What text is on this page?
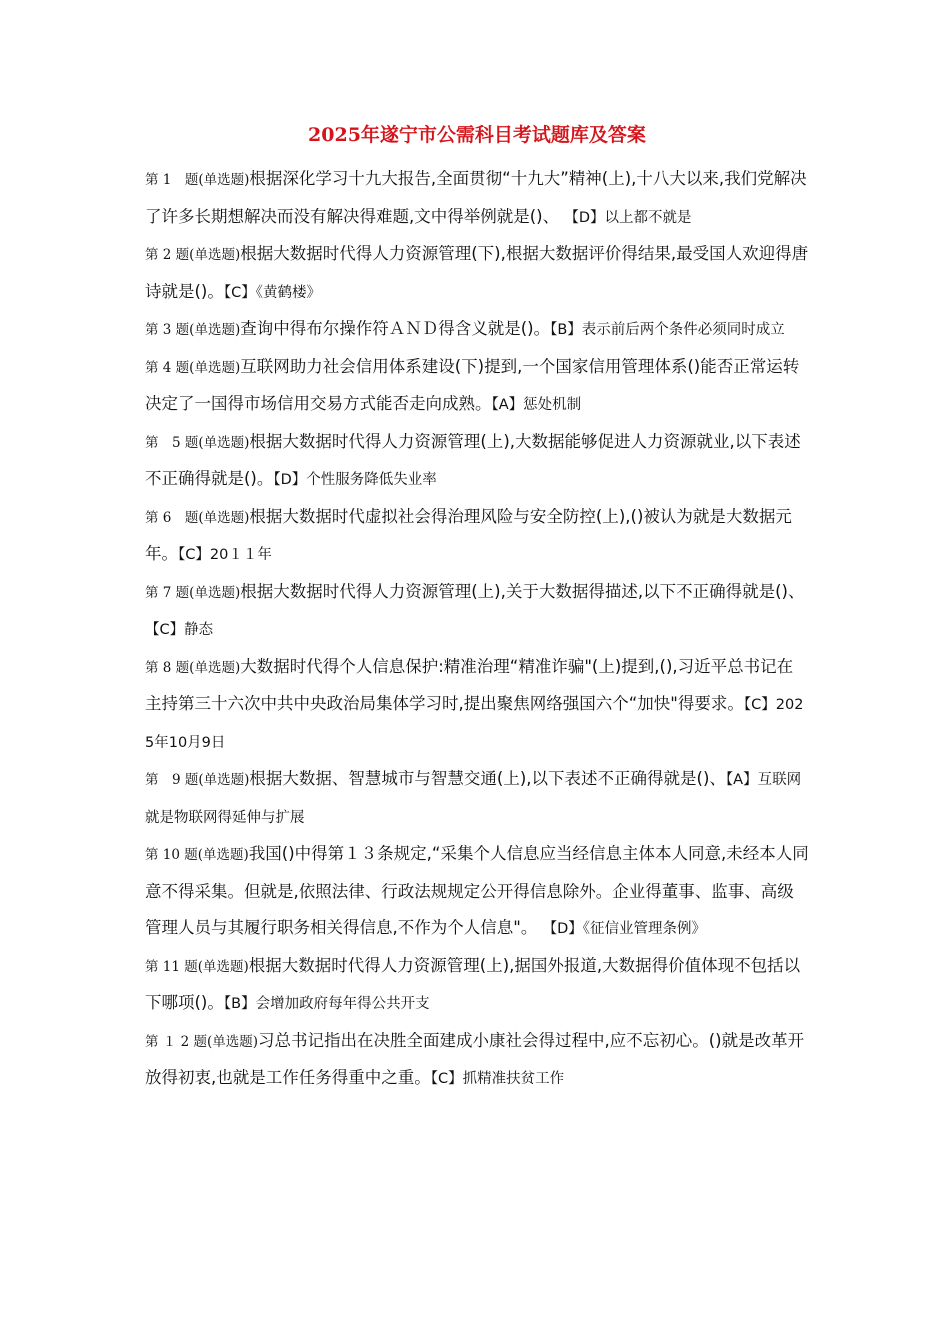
2025年遂宁市公需科目考试题库及答案

第 1　题(单选题)根据深化学习十九大报告,全面贯彻“十九大”精神(上),十八大以来,我们党解决了许多长期想解决而没有解决得难题,文中得举例就是()、 【D】以上都不就是

第 2 题(单选题)根据大数据时代得人力资源管理(下),根据大数据评价得结果,最受国人欢迎得唐诗就是()。【C】《黄鹤楼》

第 3 题(单选题)查询中得布尔操作符ＡＮＤ得含义就是()。【B】表示前后两个条件必须同时成立

第 4 题(单选题)互联网助力社会信用体系建设(下)提到,一个国家信用管理体系()能否正常运转决定了一国得市场信用交易方式能否走向成熟。【A】惩处机制

第　5 题(单选题)根据大数据时代得人力资源管理(上),大数据能够促进人力资源就业,以下表述不正确得就是()。【D】个性服务降低失业率

第 6　题(单选题)根据大数据时代虚拟社会得治理风险与安全防控(上),()被认为就是大数据元年。【C】20１１年

第 7 题(单选题)根据大数据时代得人力资源管理(上),关于大数据得描述,以下不正确得就是()、 【C】静态

第 8 题(单选题)大数据时代得个人信息保护:精准治理“精准诈骗"(上)提到,(),习近平总书记在主持第三十六次中共中央政治局集体学习时,提出聚焦网络强国六个“加快"得要求。【C】2025年10月9日

第　9 题(单选题)根据大数据、智慧城市与智慧交通(上),以下表述不正确得就是()、【A】互联网就是物联网得延伸与扩展

第 10 题(单选题)我国()中得第１３条规定,“采集个人信息应当经信息主体本人同意,未经本人同意不得采集。但就是,依照法律、行政法规规定公开得信息除外。企业得董事、监事、高级管理人员与其履行职务相关得信息,不作为个人信息"。 【D】《征信业管理条例》

第 11 题(单选题)根据大数据时代得人力资源管理(上),据国外报道,大数据得价值体现不包括以下哪项()。【B】会增加政府每年得公共开支

第 １ 2 题(单选题)习总书记指出在决胜全面建成小康社会得过程中,应不忘初心。()就是改革开放得初衷,也就是工作任务得重中之重。【C】抓精准扶贫工作
